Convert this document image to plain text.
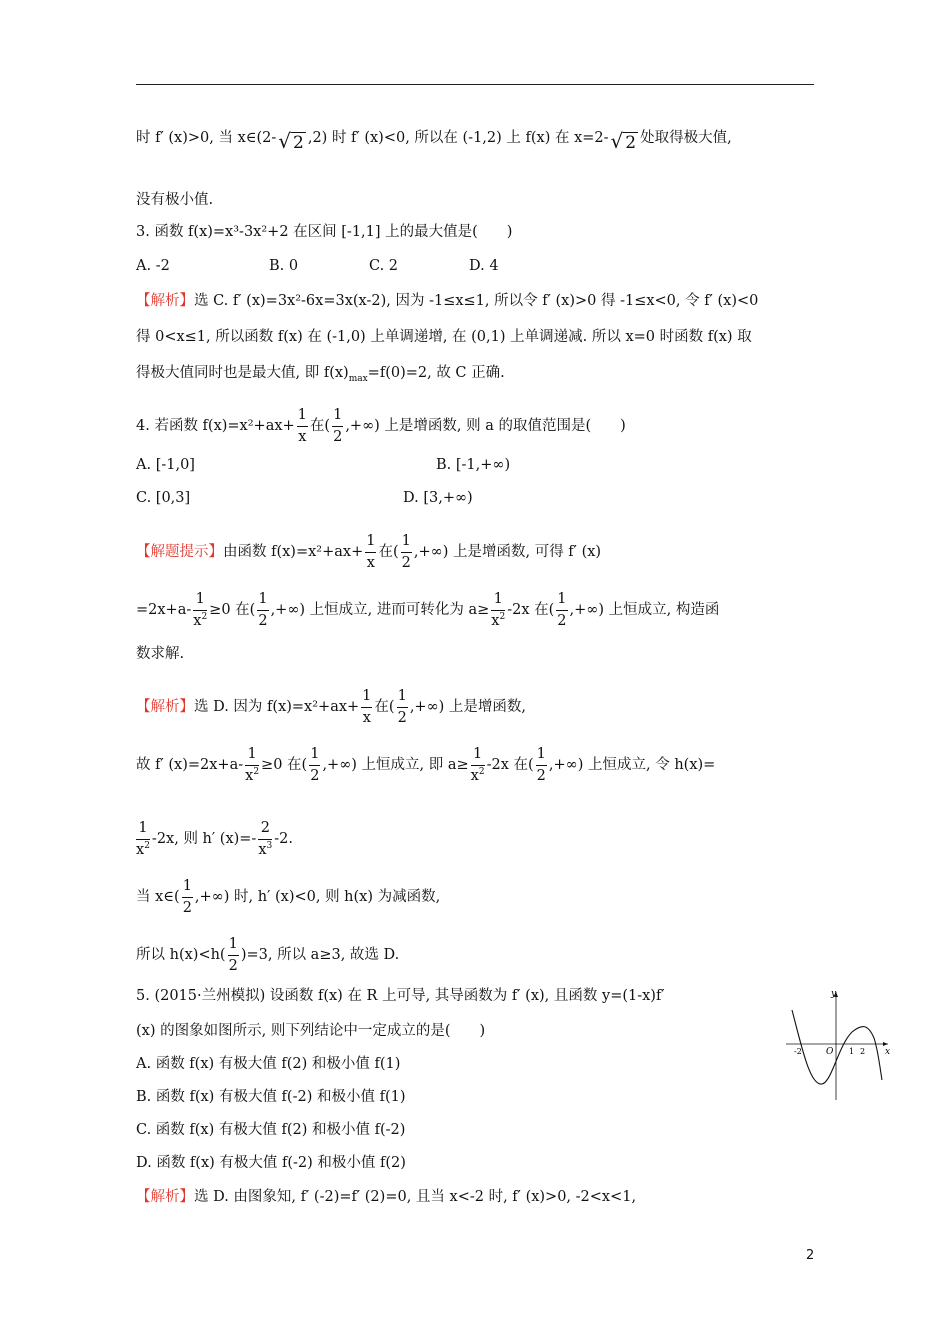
时 f′ (x)>0, 当 x∈(2- √ 2 ,2) 时 f′ (x)<0, 所以在 (-1,2) 上 f(x) 在 x=2- √ 2 处取得极大值,
没有极小值.
3. 函数 f(x)=x³-3x²+2 在区间 [-1,1] 上的最大值是(　　)
A. -2	B. 0	C. 2	D. 4
【解析】选 C. f′ (x)=3x²-6x=3x(x-2), 因为 -1≤x≤1, 所以令 f′ (x)>0 得 -1≤x<0, 令 f′ (x)<0
得 0<x≤1, 所以函数 f(x) 在 (-1,0) 上单调递增, 在 (0,1) 上单调递减. 所以 x=0 时函数 f(x) 取
得极大值同时也是最大值, 即 $f(x)_{max}=f(0)=2$, 故 C 正确.
4. 若函数 $f(x)=x^2+ax+ \frac{1}{x}$ 在( $\frac{1}{2}$ ,+∞) 上是增函数, 则 a 的取值范围是(　　)
A. [-1,0]	B. [-1,+∞)
C. [0,3]	D. [3,+∞)
【解题提示】由函数 $f(x)=x^2+ax+ \frac{1}{x}$ 在( $\frac{1}{2}$ ,+∞) 上是增函数, 可得 f′ (x)
$=2x+a- \frac{1}{x^2} \ge 0$ 在( $\frac{1}{2}$ ,+∞) 上恒成立, 进而可转化为 $a\ge \frac{1}{x^2} -2x$ 在( $\frac{1}{2}$ ,+∞) 上恒成立, 构造函
数求解.
【解析】选 D. 因为 $f(x)=x^2+ax+ \frac{1}{x}$ 在( $\frac{1}{2}$ ,+∞) 上是增函数,
故 f′ $(x)=2x+a- \frac{1}{x^2} \ge 0$ 在( $\frac{1}{2}$ ,+∞) 上恒成立, 即 $a\ge \frac{1}{x^2} -2x$ 在( $\frac{1}{2}$ ,+∞) 上恒成立, 令 h(x)=
$\frac{1}{x^2} -2x$, 则 h′ $(x)=- \frac{2}{x^3} -2$.
当 x∈( $\frac{1}{2}$ ,+∞) 时, h′ (x)<0, 则 h(x) 为减函数,
所以 $h(x)<h( \frac{1}{2} )=3$, 所以 a≥3, 故选 D.
5. (2015·兰州模拟) 设函数 f(x) 在 R 上可导, 其导函数为 f′ (x), 且函数 y=(1-x)f′
(x) 的图象如图所示, 则下列结论中一定成立的是(　　)
A. 函数 f(x) 有极大值 f(2) 和极小值 f(1)
B. 函数 f(x) 有极大值 f(-2) 和极小值 f(1)
C. 函数 f(x) 有极大值 f(2) 和极小值 f(-2)
D. 函数 f(x) 有极大值 f(-2) 和极小值 f(2)
【解析】选 D. 由图象知, f′ (-2)=f′ (2)=0, 且当 x<-2 时, f′ (x)>0, -2<x<1,
y
x
O
-2	1 2
2
